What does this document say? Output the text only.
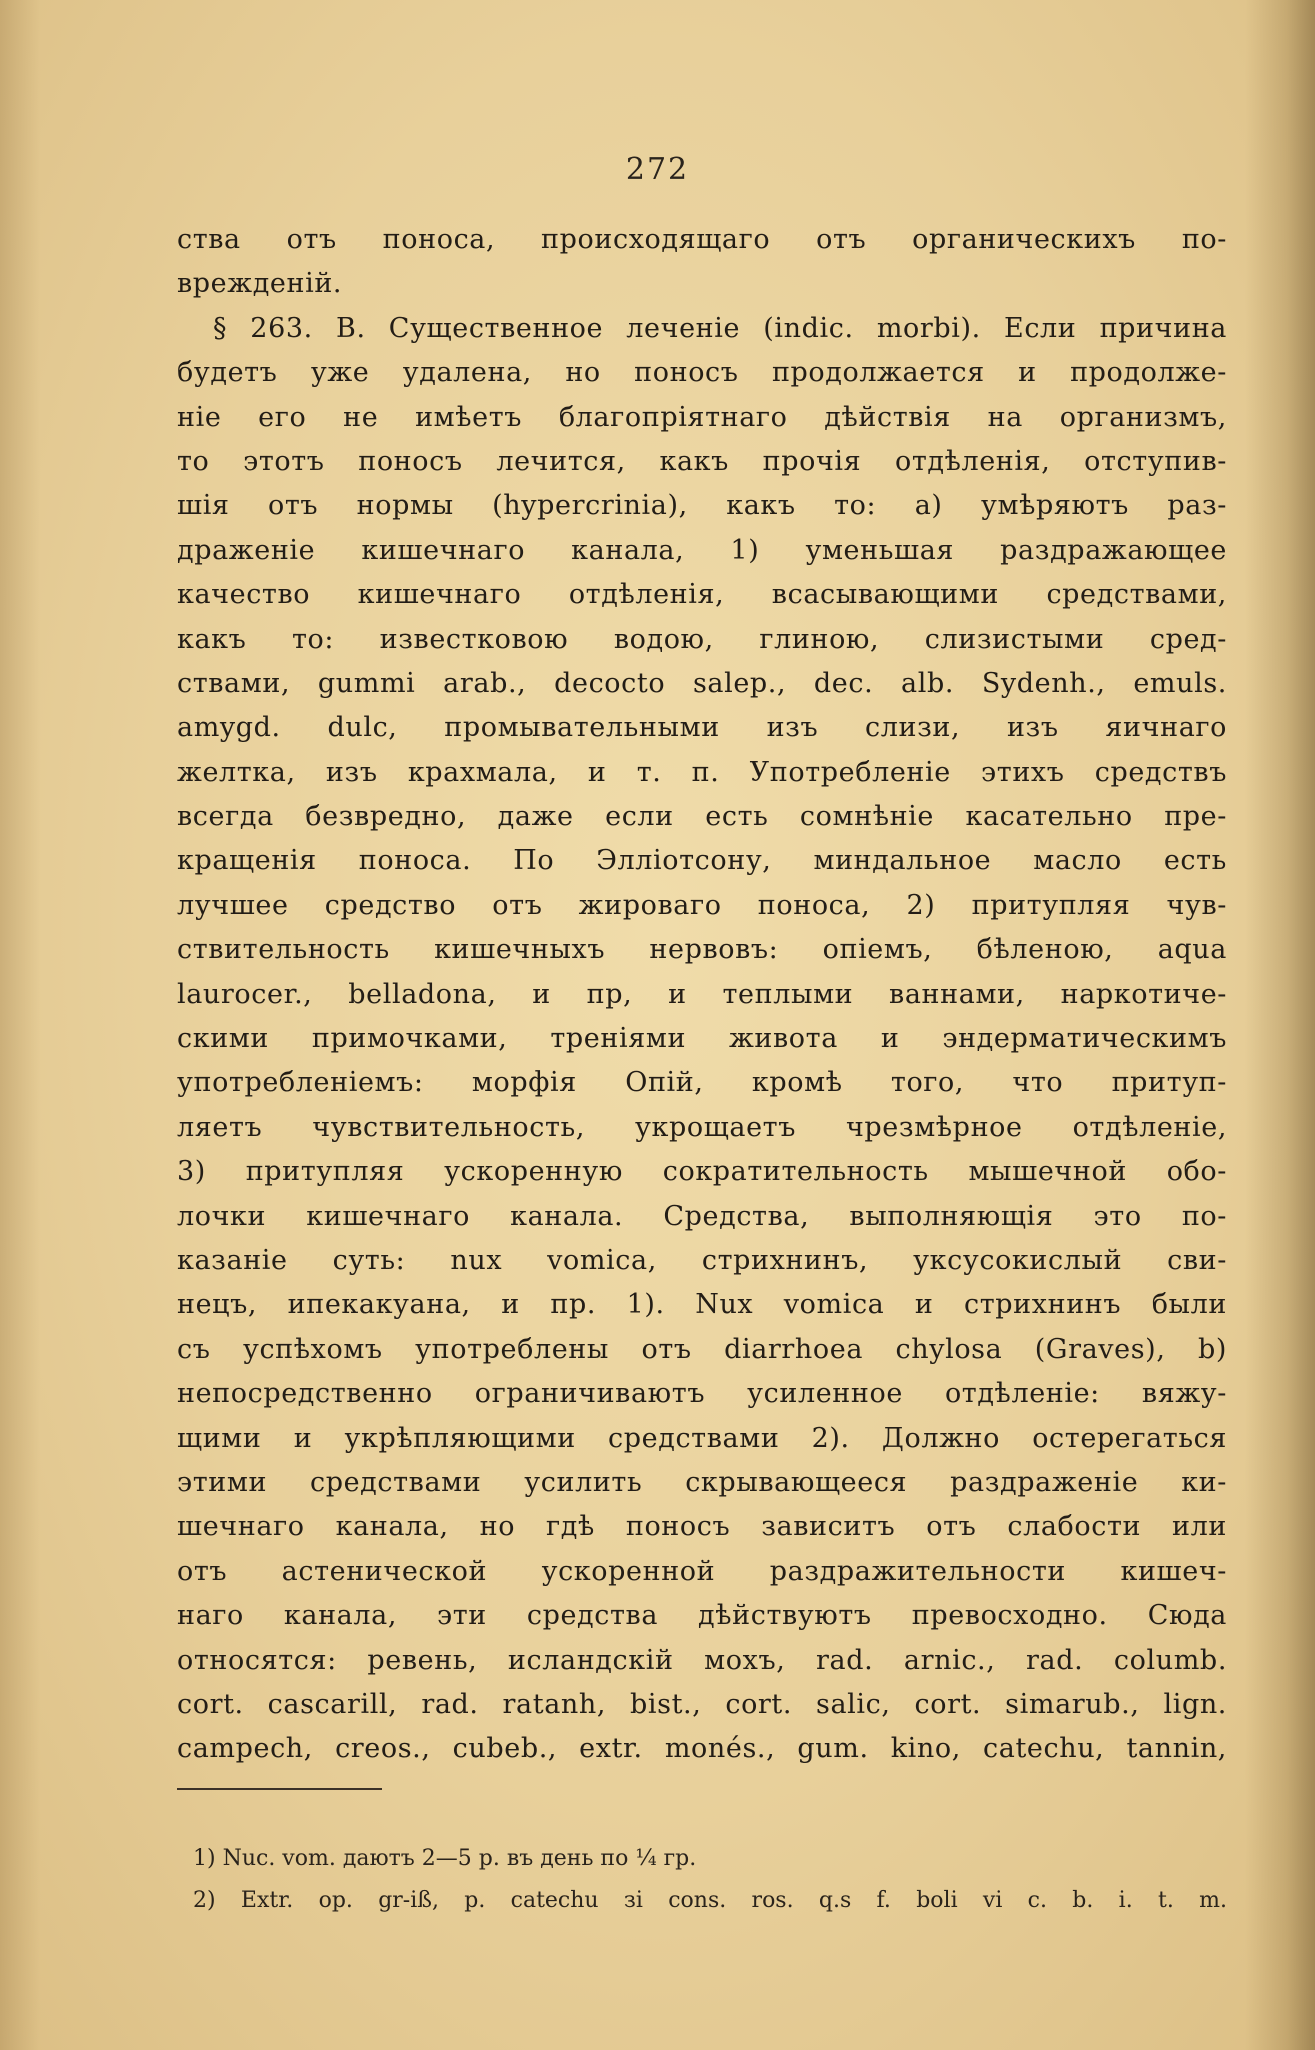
272
ства отъ поноса, происходящаго отъ органическихъ по-
врежденій.
§ 263. В. Существенное леченіе (indic. morbi). Если причина
будетъ уже удалена, но поносъ продолжается и продолже-
ніе его не имѣетъ благопріятнаго дѣйствія на организмъ,
то этотъ поносъ лечится, какъ прочія отдѣленія, отступив-
шія отъ нормы (hypercrinia), какъ то: а) умѣряютъ раз-
драженіе кишечнаго канала, 1) уменьшая раздражающее
качество кишечнаго отдѣленія, всасывающими средствами,
какъ то: известковою водою, глиною, слизистыми сред-
ствами, gummi arab., decocto salep., dec. alb. Sydenh., emuls.
amygd. dulc, промывательными изъ слизи, изъ яичнаго
желтка, изъ крахмала, и т. п. Употребленіе этихъ средствъ
всегда безвредно, даже если есть сомнѣніе касательно пре-
кращенія поноса. По Эллiотсону, миндальное масло есть
лучшее средство отъ жироваго поноса, 2) притупляя чув-
ствительность кишечныхъ нервовъ: опіемъ, бѣленою, aqua
laurocer., belladona, и пр, и теплыми ваннами, наркотиче-
скими примочками, треніями живота и эндерматическимъ
употребленіемъ: морфія Опій, кромѣ того, что притуп-
ляетъ чувствительность, укрощаетъ чрезмѣрное отдѣленіе,
3) притупляя ускоренную сократительность мышечной обо-
лочки кишечнаго канала. Средства, выполняющія это по-
казаніе суть: nux vomica, стрихнинъ, уксусокислый сви-
нецъ, ипекакуана, и пр. 1). Nux vomica и стрихнинъ были
съ успѣхомъ употреблены отъ diarrhoea chylosa (Graves), b)
непосредственно ограничиваютъ усиленное отдѣленіе: вяжу-
щими и укрѣпляющими средствами 2). Должно остерегаться
этими средствами усилить скрывающееся раздраженіе ки-
шечнаго канала, но гдѣ поносъ зависитъ отъ слабости или
отъ астенической ускоренной раздражительности кишеч-
наго канала, эти средства дѣйствуютъ превосходно. Сюда
относятся: ревень, исландскій мохъ, rad. arnic., rad. columb.
cort. cascarill, rad. ratanh, bist., cort. salic, cort. simarub., lign.
campech, creos., cubeb., extr. monés., gum. kino, catechu, tannin,
1) Nuc. vom. даютъ 2—5 р. въ день по ¼ гр.
2) Extr. op. gr-iß, p. catechu зі cons. ros. q.s f. boli vi c. b. i. t. m.
